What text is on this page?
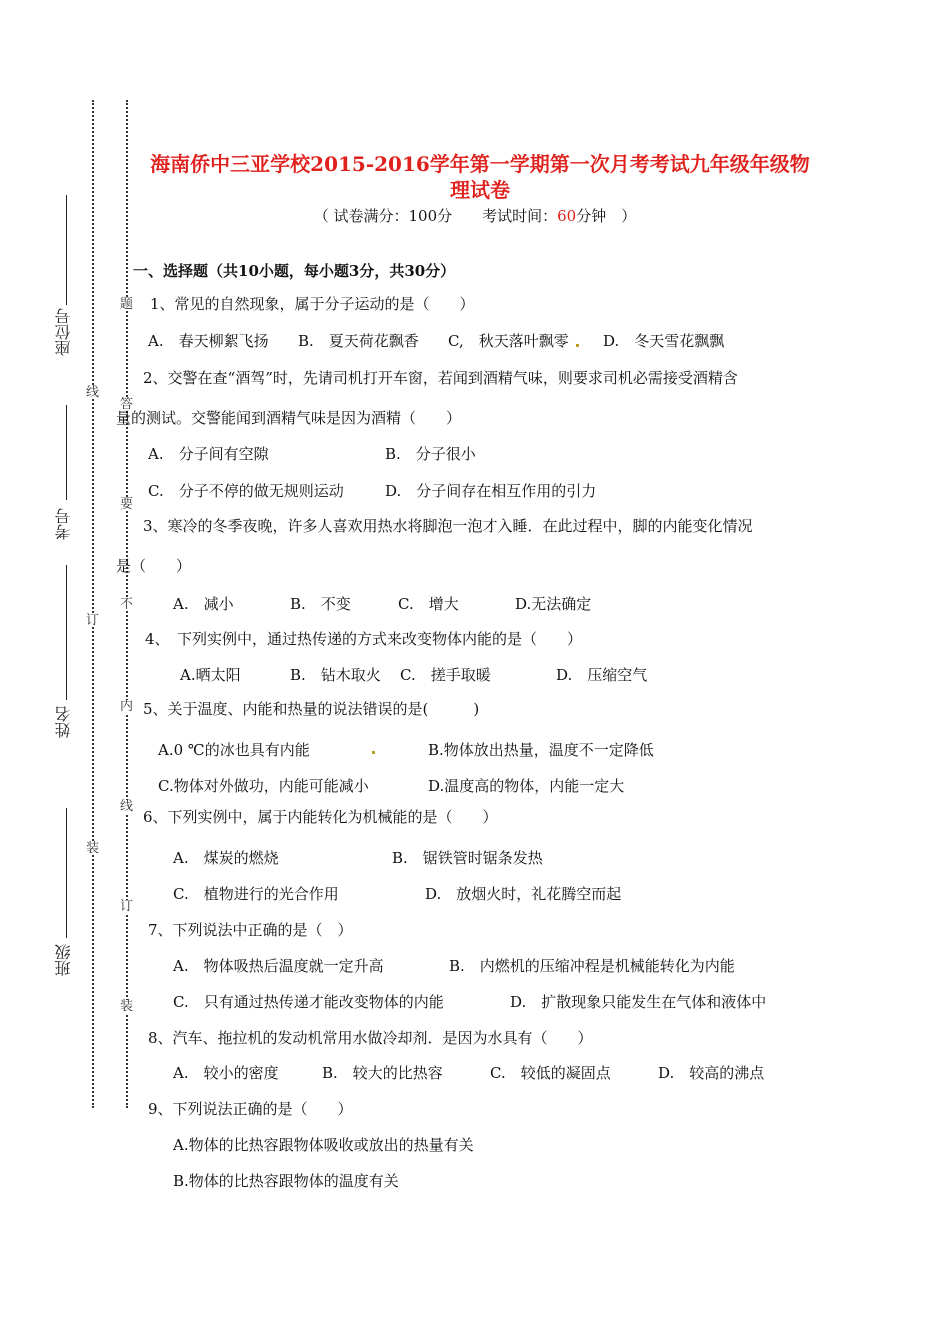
线
订
装
题
答
要
不
内
线
订
装
座位号
考号
姓名
班级
海南侨中三亚学校2015-2016学年第一学期第一次月考考试九年级年级物
理试卷
（ 试卷满分：100分　　考试时间：60分钟　）
一、选择题（共10小题，每小题3分，共30分）
1、常见的自然现象，属于分子运动的是（　　）
A.　春天柳絮飞扬 B.　夏天荷花飘香 C,　秋天落叶飘零 D.　冬天雪花飘飘
2、交警在查“酒驾”时，先请司机打开车窗，若闻到酒精气味，则要求司机必需接受酒精含
量的测试。交警能闻到酒精气味是因为酒精（　　）
A.　分子间有空隙	B.　分子很小
C.　分子不停的做无规则运动	D.　分子间存在相互作用的引力
3、寒冷的冬季夜晚，许多人喜欢用热水将脚泡一泡才入睡．在此过程中，脚的内能变化情况
是（　　）
A.　减小	B.　不变	C.　增大	D.无法确定
4、　下列实例中，通过热传递的方式来改变物体内能的是（　　）
A.晒太阳	B.　钻木取火 C.　搓手取暖	D.　压缩空气
5、关于温度、内能和热量的说法错误的是(　　　)
A.0 ℃的冰也具有内能	B.物体放出热量，温度不一定降低
C.物体对外做功，内能可能减小	D.温度高的物体，内能一定大
6、下列实例中，属于内能转化为机械能的是（　　）
A.　煤炭的燃烧	B.　锯铁管时锯条发热
C.　植物进行的光合作用	D.　放烟火时，礼花腾空而起
7、下列说法中正确的是（　）
A.　物体吸热后温度就一定升高	B.　内燃机的压缩冲程是机械能转化为内能
C.　只有通过热传递才能改变物体的内能	D.　扩散现象只能发生在气体和液体中
8、汽车、拖拉机的发动机常用水做冷却剂．是因为水具有（　　）
A.　较小的密度	B.　较大的比热容	C.　较低的凝固点	D.　较高的沸点
9、下列说法正确的是（　　）
A.物体的比热容跟物体吸收或放出的热量有关
B.物体的比热容跟物体的温度有关
